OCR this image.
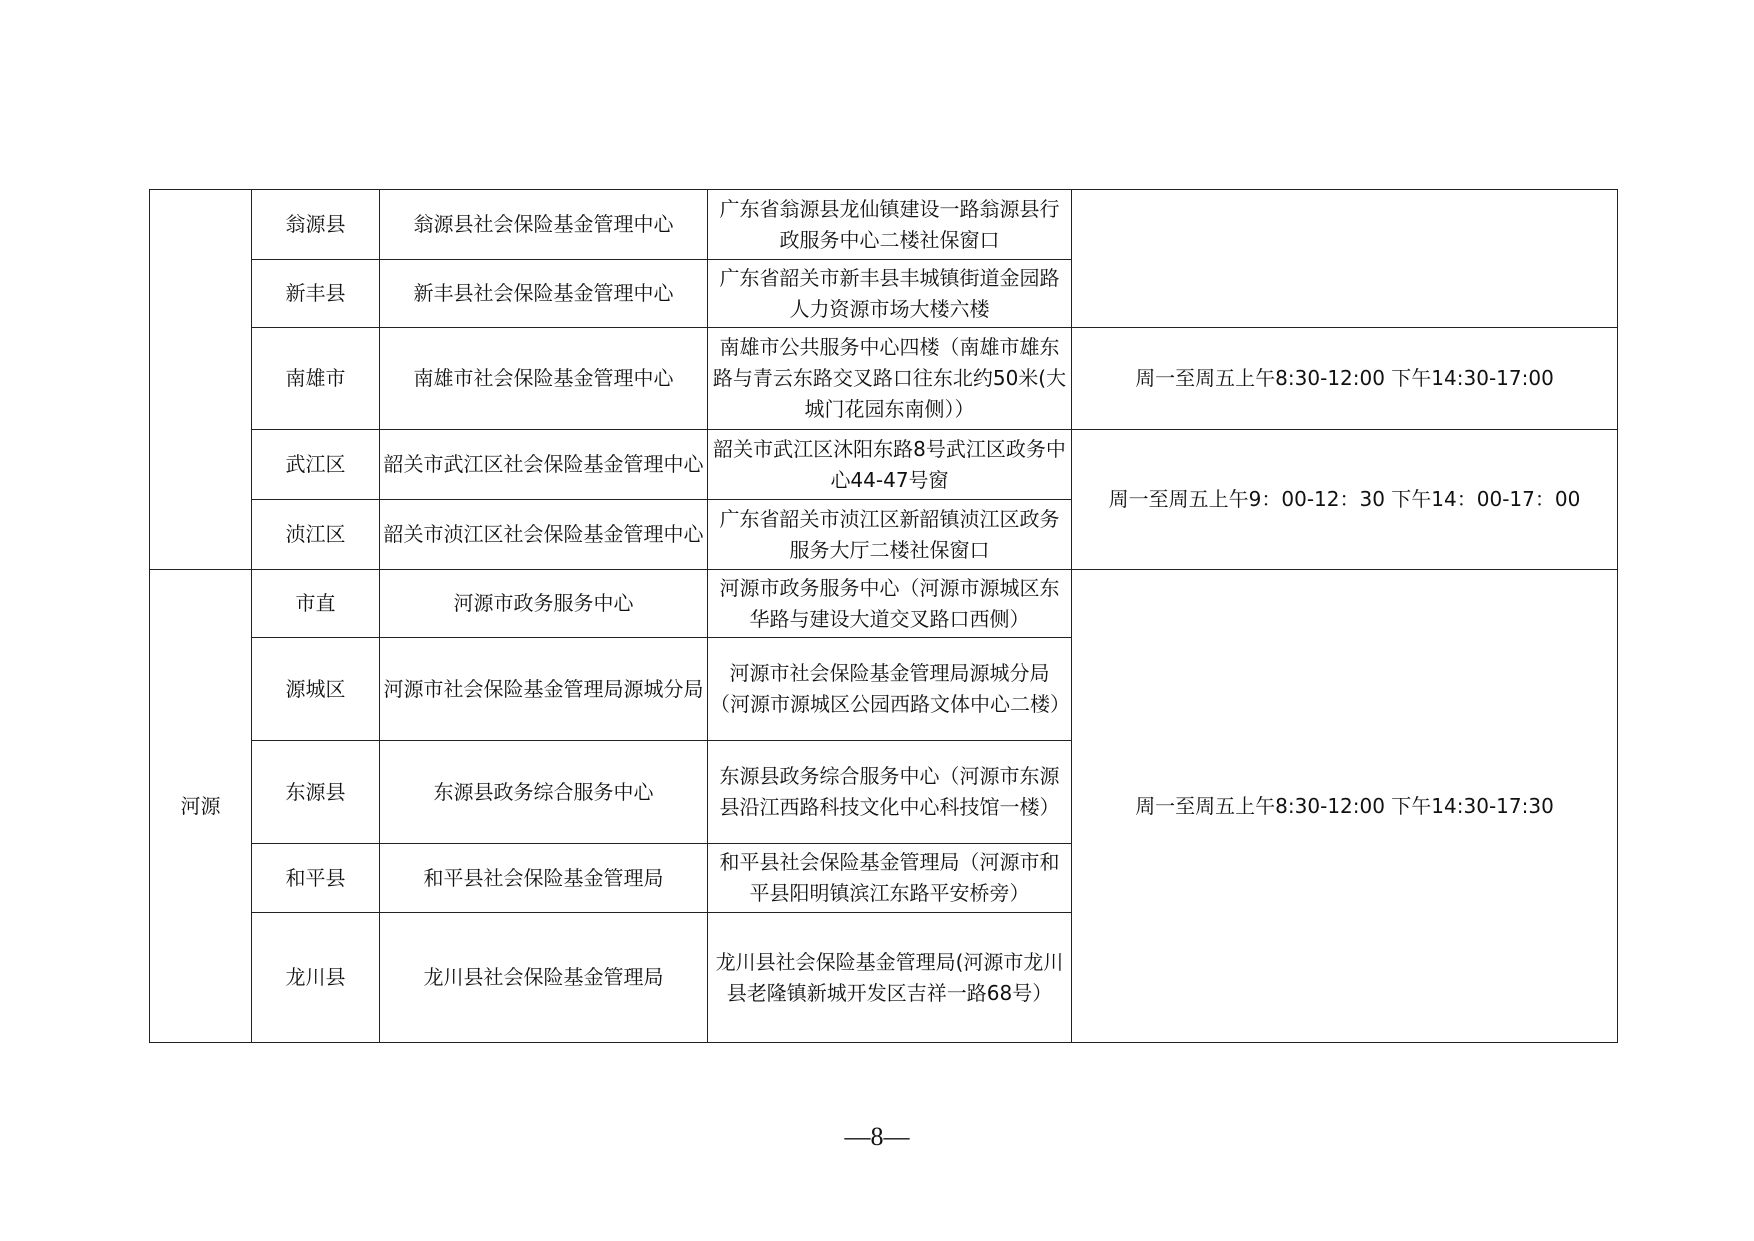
	翁源县	翁源县社会保险基金管理中心	广东省翁源县龙仙镇建设一路翁源县行政服务中心二楼社保窗口	
	新丰县	新丰县社会保险基金管理中心	广东省韶关市新丰县丰城镇街道金园路人力资源市场大楼六楼	
	南雄市	南雄市社会保险基金管理中心	南雄市公共服务中心四楼（南雄市雄东路与青云东路交叉路口往东北约50米(大城门花园东南侧））	周一至周五上午8:30-12:00 下午14:30-17:00
	武江区	韶关市武江区社会保险基金管理中心	韶关市武江区沐阳东路8号武江区政务中心44-47号窗	周一至周五上午9：00-12：30 下午14：00-17：00
	浈江区	韶关市浈江区社会保险基金管理中心	广东省韶关市浈江区新韶镇浈江区政务服务大厅二楼社保窗口	
河源	市直	河源市政务服务中心	河源市政务服务中心（河源市源城区东华路与建设大道交叉路口西侧）	周一至周五上午8:30-12:00 下午14:30-17:30
	源城区	河源市社会保险基金管理局源城分局	河源市社会保险基金管理局源城分局（河源市源城区公园西路文体中心二楼）	
	东源县	东源县政务综合服务中心	东源县政务综合服务中心（河源市东源县沿江西路科技文化中心科技馆一楼）	
	和平县	和平县社会保险基金管理局	和平县社会保险基金管理局（河源市和平县阳明镇滨江东路平安桥旁）	
	龙川县	龙川县社会保险基金管理局	龙川县社会保险基金管理局(河源市龙川县老隆镇新城开发区吉祥一路68号）	
—8—
